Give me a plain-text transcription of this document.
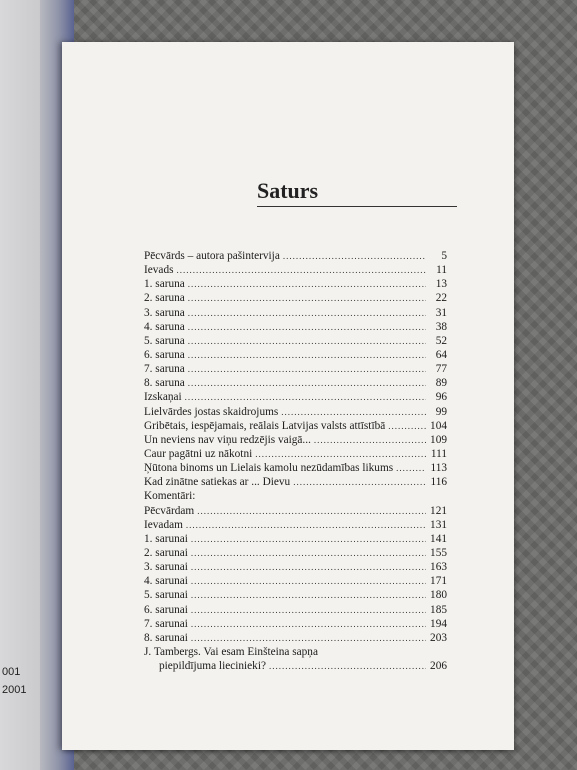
001
2001
Saturs
Pēcvārds – autora pašintervija .....	5
Ievads .....	11
1. saruna .....	13
2. saruna .....	22
3. saruna .....	31
4. saruna .....	38
5. saruna .....	52
6. saruna .....	64
7. saruna .....	77
8. saruna .....	89
Izskaņai .....	96
Lielvārdes jostas skaidrojums .....	99
Gribētais, iespējamais, reālais Latvijas valsts attīstībā .....	104
Un neviens nav viņu redzējis vaigā... .....	109
Caur pagātni uz nākotni .....	111
Ņūtona binoms un Lielais kamolu nezūdamības likums .....	113
Kad zinātne satiekas ar ... Dievu .....	116
Komentāri:
Pēcvārdam .....	121
Ievadam .....	131
1. sarunai .....	141
2. sarunai .....	155
3. sarunai .....	163
4. sarunai .....	171
5. sarunai .....	180
6. sarunai .....	185
7. sarunai .....	194
8. sarunai .....	203
J. Tambergs. Vai esam Einšteina sapņa
piepildījuma liecinieki? .....	206
